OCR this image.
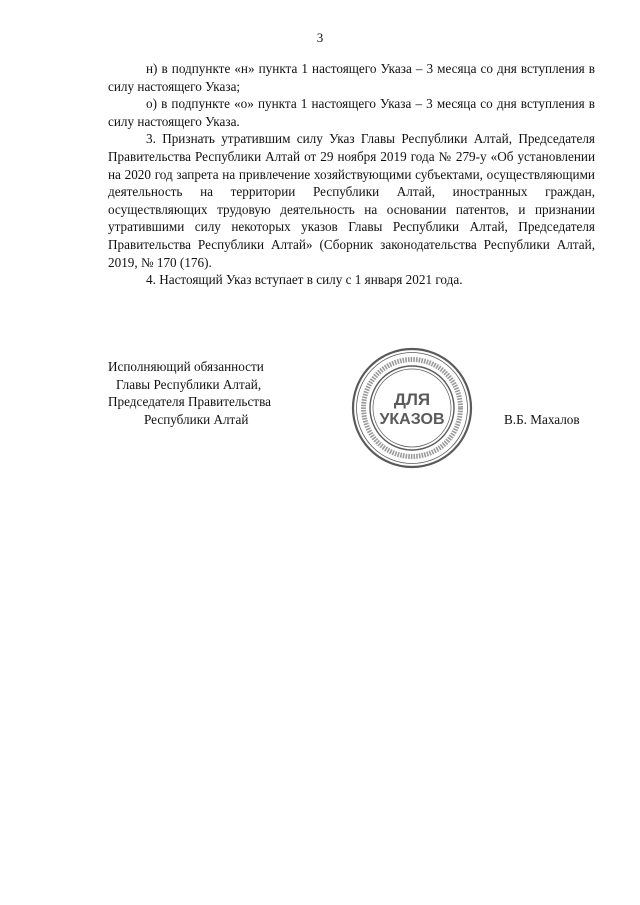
3

н) в подпункте «н» пункта 1 настоящего Указа – 3 месяца со дня вступления в силу настоящего Указа;

о) в подпункте «о» пункта 1 настоящего Указа – 3 месяца со дня вступления в силу настоящего Указа.

3. Признать утратившим силу Указ Главы Республики Алтай, Председателя Правительства Республики Алтай от 29 ноября 2019 года № 279-у «Об установлении на 2020 год запрета на привлечение хозяйствующими субъектами, осуществляющими деятельность на территории Республики Алтай, иностранных граждан, осуществляющих трудовую деятельность на основании патентов, и признании утратившими силу некоторых указов Главы Республики Алтай, Председателя Правительства Республики Алтай» (Сборник законодательства Республики Алтай, 2019, № 170 (176).

4. Настоящий Указ вступает в силу с 1 января 2021 года.

Исполняющий обязанности
Главы Республики Алтай,
Председателя Правительства
Республики Алтай
ДЛЯ
УКАЗОВ	В.Б. Махалов
